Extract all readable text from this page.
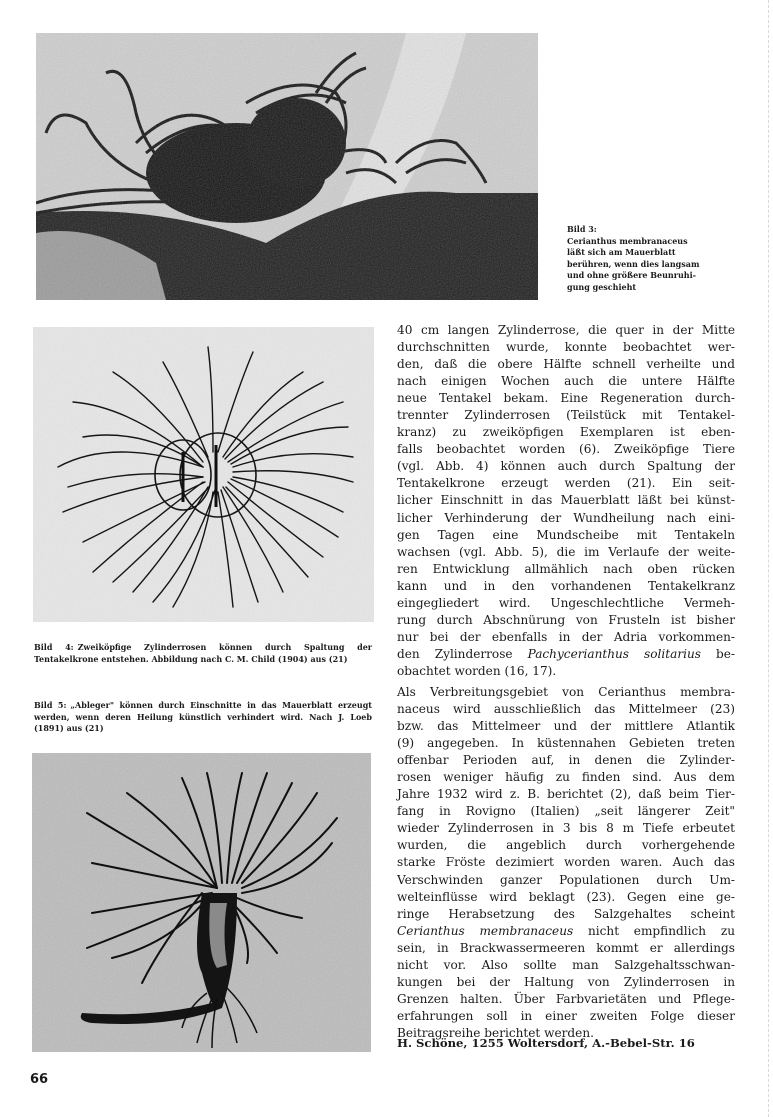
Bild 3:
Cerianthus membranaceus
läßt sich am Mauerblatt
berühren, wenn dies langsam
und ohne größere Beunruhi-
gung geschieht
Bild 4: Zweiköpfige Zylinderrosen können durch Spaltung der Tentakelkrone entstehen. Abbildung nach C. M. Child (1904) aus (21)
Bild 5: „Ableger" können durch Einschnitte in das Mauerblatt erzeugt werden, wenn deren Heilung künstlich verhindert wird. Nach J. Loeb (1891) aus (21)

40 cm langen Zylinderrose, die quer in der Mitte
durchschnitten wurde, konnte beobachtet wer-
den, daß die obere Hälfte schnell verheilte und
nach einigen Wochen auch die untere Hälfte
neue Tentakel bekam. Eine Regeneration durch-
trennter Zylinderrosen (Teilstück mit Tentakel-
kranz) zu zweiköpfigen Exemplaren ist eben-
falls beobachtet worden (6). Zweiköpfige Tiere
(vgl. Abb. 4) können auch durch Spaltung der
Tentakelkrone erzeugt werden (21). Ein seit-
licher Einschnitt in das Mauerblatt läßt bei künst-
licher Verhinderung der Wundheilung nach eini-
gen Tagen eine Mundscheibe mit Tentakeln
wachsen (vgl. Abb. 5), die im Verlaufe der weite-
ren Entwicklung allmählich nach oben rücken
kann und in den vorhandenen Tentakelkranz
eingegliedert wird. Ungeschlechtliche Vermeh-
rung durch Abschnürung von Frusteln ist bisher
nur bei der ebenfalls in der Adria vorkommen-
den Zylinderrose Pachycerianthus solitarius be-
obachtet worden (16, 17).

Als Verbreitungsgebiet von Cerianthus membra-
naceus wird ausschließlich das Mittelmeer (23)
bzw. das Mittelmeer und der mittlere Atlantik
(9) angegeben. In küstennahen Gebieten treten
offenbar Perioden auf, in denen die Zylinder-
rosen weniger häufig zu finden sind. Aus dem
Jahre 1932 wird z. B. berichtet (2), daß beim Tier-
fang in Rovigno (Italien) „seit längerer Zeit"
wieder Zylinderrosen in 3 bis 8 m Tiefe erbeutet
wurden, die angeblich durch vorhergehende
starke Fröste dezimiert worden waren. Auch das
Verschwinden ganzer Populationen durch Um-
welteinflüsse wird beklagt (23). Gegen eine ge-
ringe Herabsetzung des Salzgehaltes scheint
Cerianthus membranaceus nicht empfindlich zu
sein, in Brackwassermeeren kommt er allerdings
nicht vor. Also sollte man Salzgehaltsschwan-
kungen bei der Haltung von Zylinderrosen in
Grenzen halten. Über Farbvarietäten und Pflege-
erfahrungen soll in einer zweiten Folge dieser
Beitragsreihe berichtet werden.

H. Schöne, 1255 Woltersdorf, A.-Bebel-Str. 16
66
